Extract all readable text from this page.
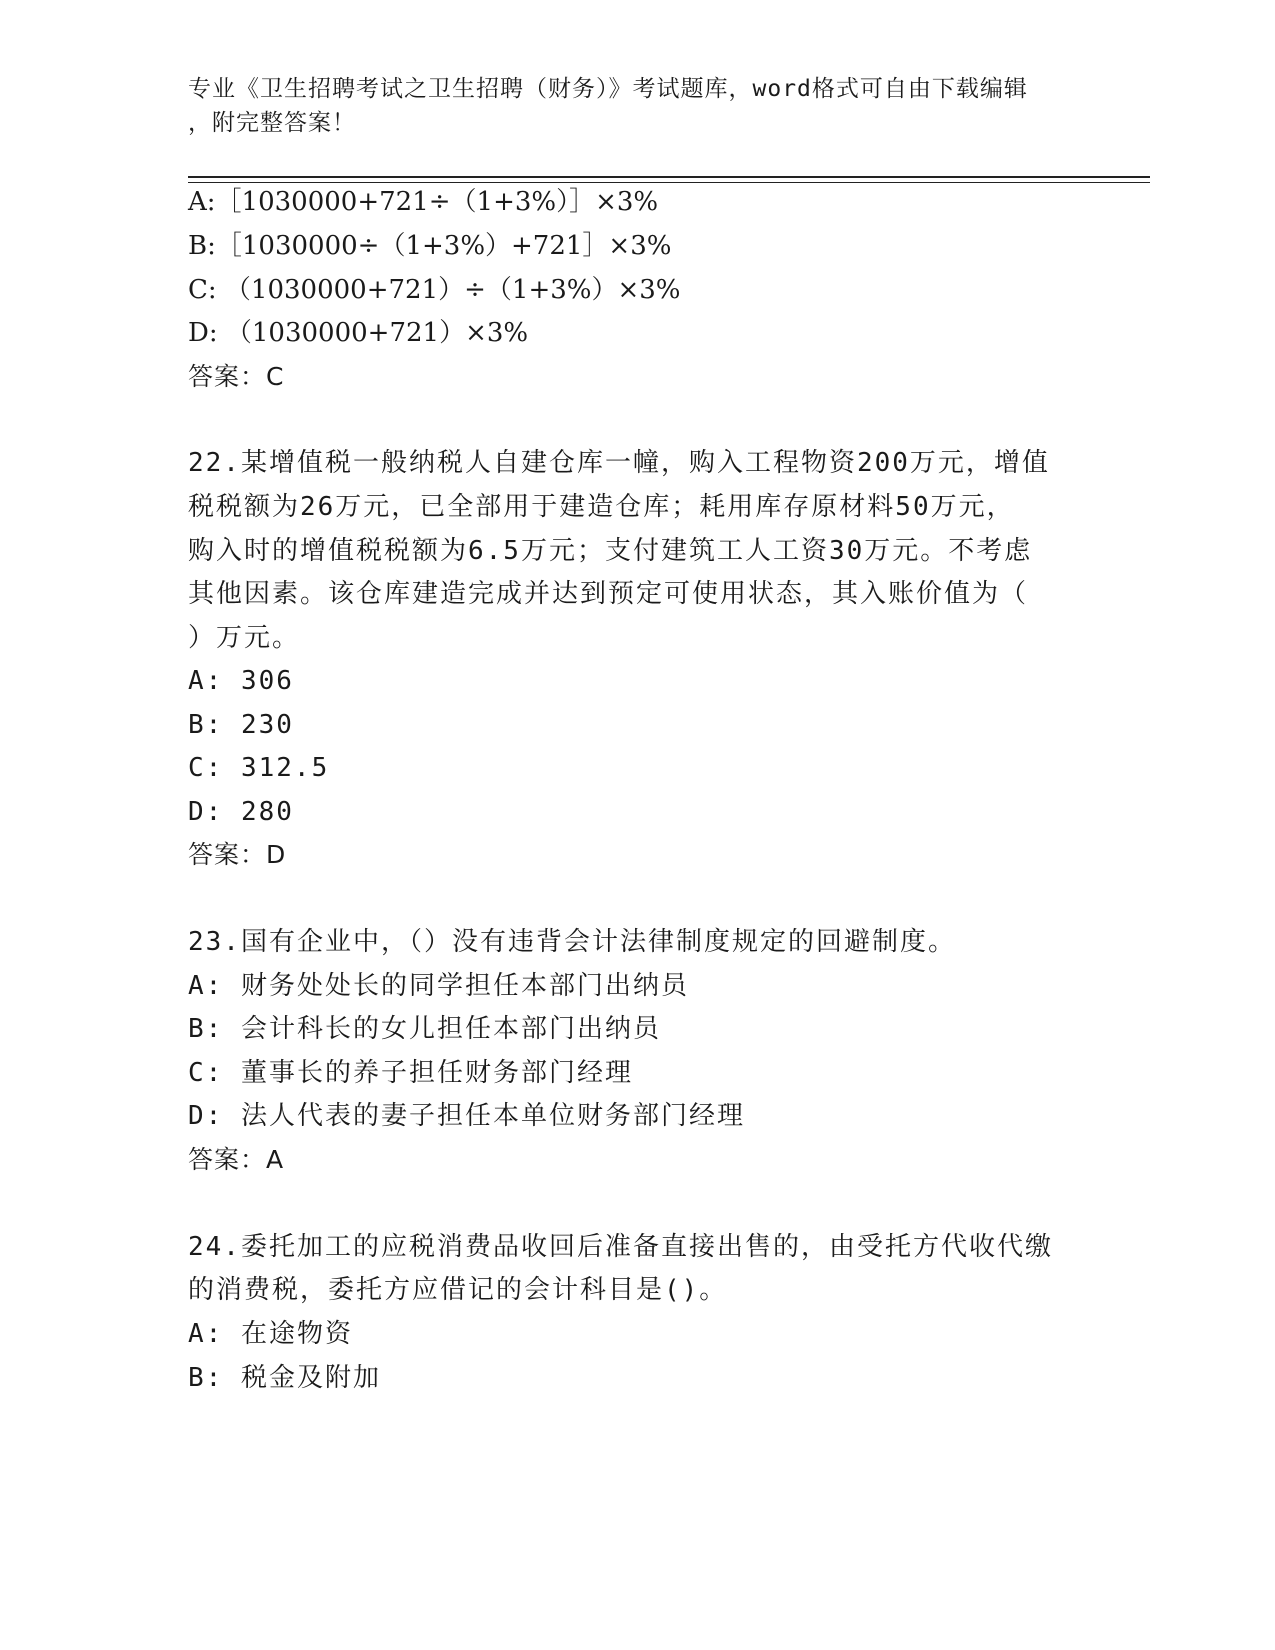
专业《卫生招聘考试之卫生招聘（财务）》考试题库，word格式可自由下载编辑
，附完整答案！
A:［1030000+721÷（1+3%）］×3%
B:［1030000÷（1+3%）+721］×3%
C: （1030000+721）÷（1+3%）×3%
D: （1030000+721）×3%
答案：C
22.某增值税一般纳税人自建仓库一幢，购入工程物资200万元，增值
税税额为26万元，已全部用于建造仓库；耗用库存原材料50万元，
购入时的增值税税额为6.5万元；支付建筑工人工资30万元。不考虑
其他因素。该仓库建造完成并达到预定可使用状态，其入账价值为（
）万元。
A: 306
B: 230
C: 312.5
D: 280
答案：D
23.国有企业中，（）没有违背会计法律制度规定的回避制度。
A: 财务处处长的同学担任本部门出纳员
B: 会计科长的女儿担任本部门出纳员
C: 董事长的养子担任财务部门经理
D: 法人代表的妻子担任本单位财务部门经理
答案：A
24.委托加工的应税消费品收回后准备直接出售的，由受托方代收代缴
的消费税，委托方应借记的会计科目是()。
A: 在途物资
B: 税金及附加
